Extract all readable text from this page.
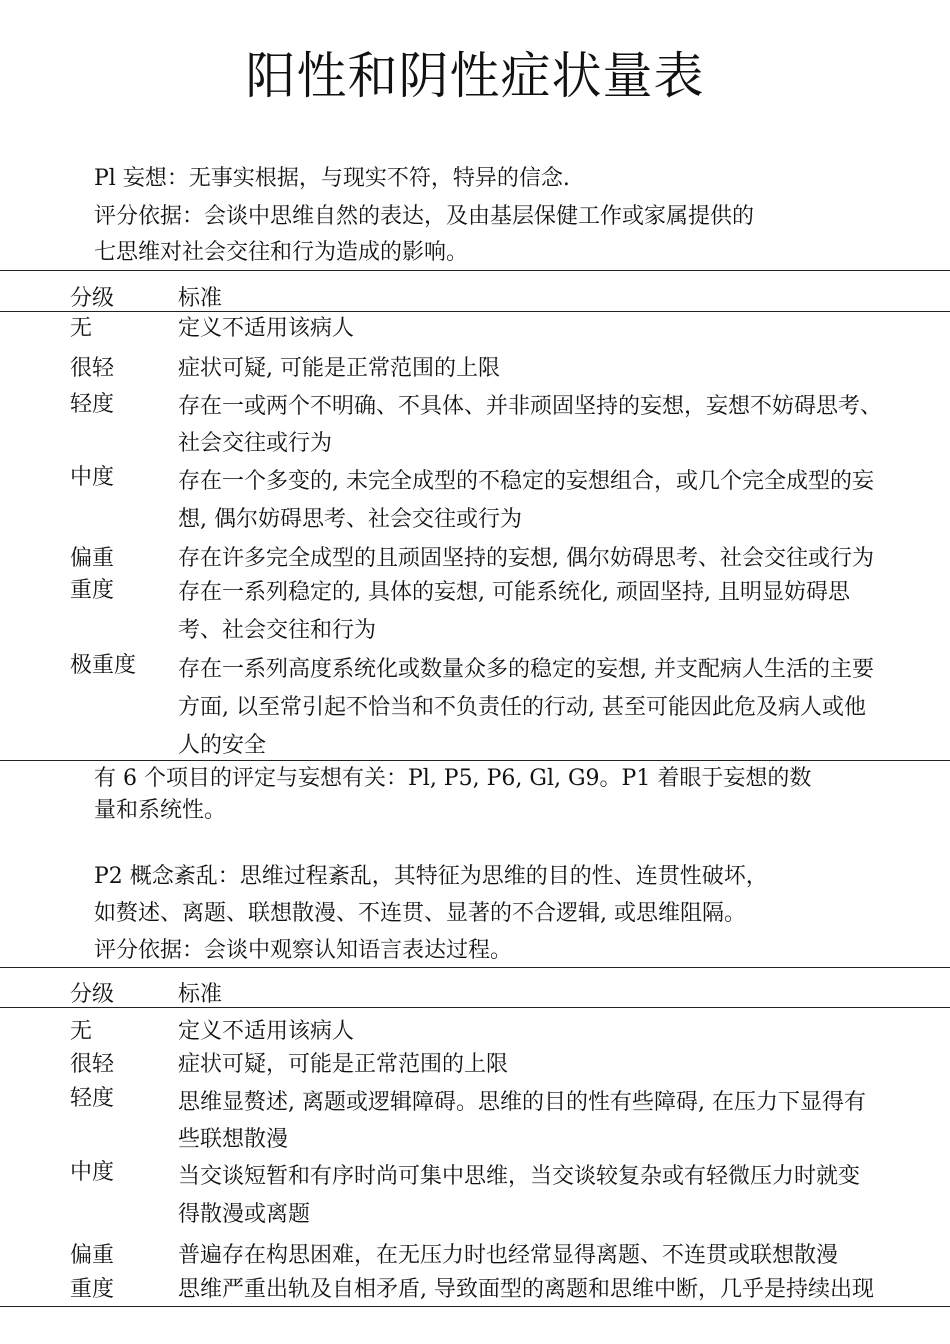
阳性和阴性症状量表
Pl 妄想：无事实根据，与现实不符，特异的信念.
评分依据：会谈中思维自然的表达，及由基层保健工作或家属提供的
七思维对社会交往和行为造成的影响。
分级	标准
无	定义不适用该病人
很轻	症状可疑, 可能是正常范围的上限
轻度	存在一或两个不明确、不具体、并非顽固坚持的妄想，妄想不妨碍思考、
社会交往或行为
中度	存在一个多变的, 未完全成型的不稳定的妄想组合，或几个完全成型的妄
想, 偶尔妨碍思考、社会交往或行为
偏重	存在许多完全成型的且顽固坚持的妄想, 偶尔妨碍思考、社会交往或行为
重度	存在一系列稳定的, 具体的妄想, 可能系统化, 顽固坚持, 且明显妨碍思
考、社会交往和行为
极重度 存在一系列高度系统化或数量众多的稳定的妄想, 并支配病人生活的主要
方面, 以至常引起不恰当和不负责任的行动, 甚至可能因此危及病人或他
人的安全
有 6 个项目的评定与妄想有关：Pl, P5, P6, Gl, G9。P1 着眼于妄想的数
量和系统性。
P2 概念紊乱：思维过程紊乱，其特征为思维的目的性、连贯性破坏，
如赘述、离题、联想散漫、不连贯、显著的不合逻辑, 或思维阻隔。
评分依据：会谈中观察认知语言表达过程。
分级	标准
无	定义不适用该病人
很轻	症状可疑，可能是正常范围的上限
轻度	思维显赘述, 离题或逻辑障碍。思维的目的性有些障碍, 在压力下显得有
些联想散漫
中度	当交谈短暂和有序时尚可集中思维，当交谈较复杂或有轻微压力时就变
得散漫或离题
偏重	普遍存在构思困难，在无压力时也经常显得离题、不连贯或联想散漫
重度	思维严重出轨及自相矛盾, 导致面型的离题和思维中断，几乎是持续出现
